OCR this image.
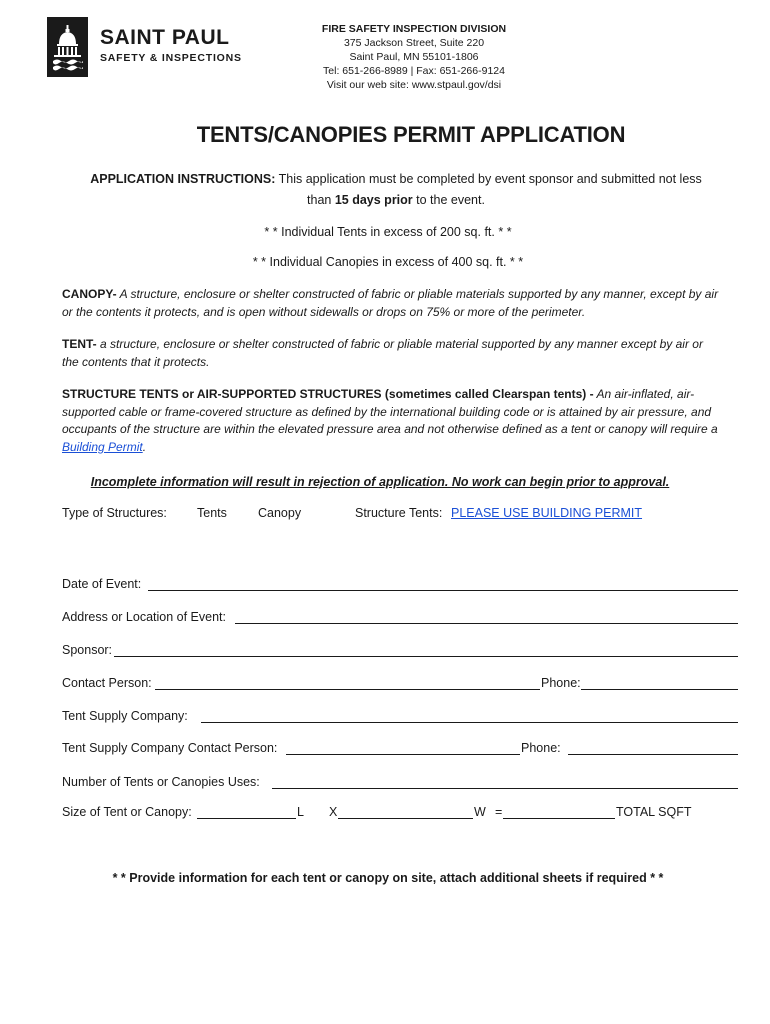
SAINT PAUL
SAFETY & INSPECTIONS
FIRE SAFETY INSPECTION DIVISION
375 Jackson Street, Suite 220
Saint Paul, MN 55101-1806
Tel: 651-266-8989 | Fax: 651-266-9124
Visit our web site: www.stpaul.gov/dsi
TENTS/CANOPIES PERMIT APPLICATION
APPLICATION INSTRUCTIONS: This application must be completed by event sponsor and submitted not less than 15 days prior to the event.
* * Individual Tents in excess of 200 sq. ft. * *
* * Individual Canopies in excess of 400 sq. ft. * *
CANOPY- A structure, enclosure or shelter constructed of fabric or pliable materials supported by any manner, except by air or the contents it protects, and is open without sidewalls or drops on 75% or more of the perimeter.
TENT- a structure, enclosure or shelter constructed of fabric or pliable material supported by any manner except by air or the contents that it protects.
STRUCTURE TENTS or AIR-SUPPORTED STRUCTURES (sometimes called Clearspan tents) - An air-inflated, air-supported cable or frame-covered structure as defined by the international building code or is attained by air pressure, and occupants of the structure are within the elevated pressure area and not otherwise defined as a tent or canopy will require a Building Permit.
Incomplete information will result in rejection of application. No work can begin prior to approval.
Type of Structures: Tents Canopy	Structure Tents: PLEASE USE BUILDING PERMIT
Date of Event:
Address or Location of Event:
Sponsor:
Contact Person:	Phone:
Tent Supply Company:
Tent Supply Company Contact Person:	Phone:
Number of Tents or Canopies Uses:
Size of Tent or Canopy:	L X	W =	TOTAL SQFT
* * Provide information for each tent or canopy on site, attach additional sheets if required * *
